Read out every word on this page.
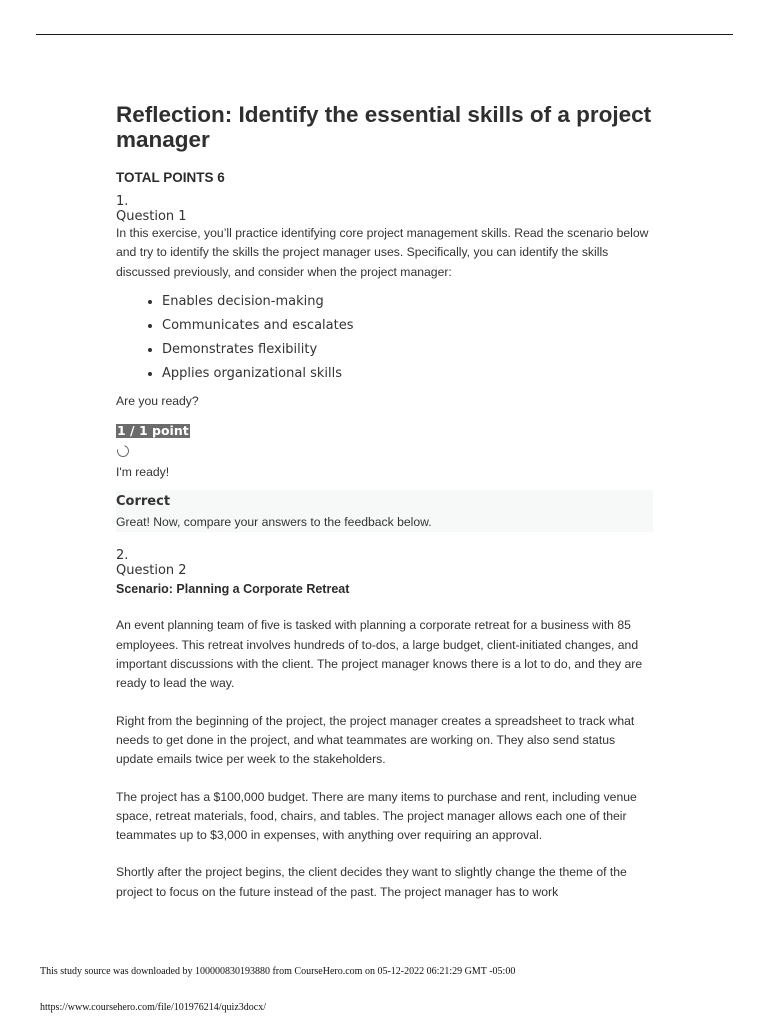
Reflection: Identify the essential skills of a project manager
TOTAL POINTS 6
1.
Question 1

In this exercise, you’ll practice identifying core project management skills. Read the scenario below and try to identify the skills the project manager uses. Specifically, you can identify the skills discussed previously, and consider when the project manager:

• Enables decision-making
• Communicates and escalates
• Demonstrates flexibility
• Applies organizational skills

Are you ready?

1 / 1 point

I'm ready!

Correct

Great! Now, compare your answers to the feedback below.

2.
Question 2
Scenario: Planning a Corporate Retreat

An event planning team of five is tasked with planning a corporate retreat for a business with 85 employees. This retreat involves hundreds of to-dos, a large budget, client-initiated changes, and important discussions with the client. The project manager knows there is a lot to do, and they are ready to lead the way.

Right from the beginning of the project, the project manager creates a spreadsheet to track what needs to get done in the project, and what teammates are working on. They also send status update emails twice per week to the stakeholders.

The project has a $100,000 budget. There are many items to purchase and rent, including venue space, retreat materials, food, chairs, and tables. The project manager allows each one of their teammates up to $3,000 in expenses, with anything over requiring an approval.

Shortly after the project begins, the client decides they want to slightly change the theme of the project to focus on the future instead of the past. The project manager has to work

This study source was downloaded by 100000830193880 from CourseHero.com on 05-12-2022 06:21:29 GMT -05:00
https://www.coursehero.com/file/101976214/quiz3docx/
